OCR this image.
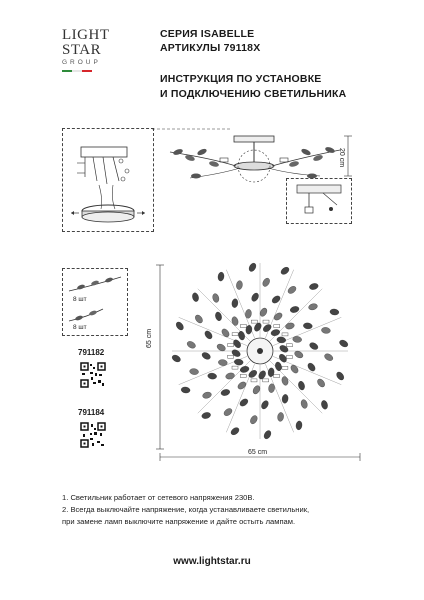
LIGHT
STAR
GROUP
СЕРИЯ ISABELLE
АРТИКУЛЫ 79118X
ИНСТРУКЦИЯ ПО УСТАНОВКЕ
И ПОДКЛЮЧЕНИЮ СВЕТИЛЬНИКА
20 cm
8 шт
8 шт
791182
791184
65 cm
65 cm
1. Светильник работает от сетевого напряжения 230В.
2. Всегда выключайте напряжение, когда устанавливаете светильник,
при замене ламп выключите напряжение и дайте остыть лампам.
www.lightstar.ru
